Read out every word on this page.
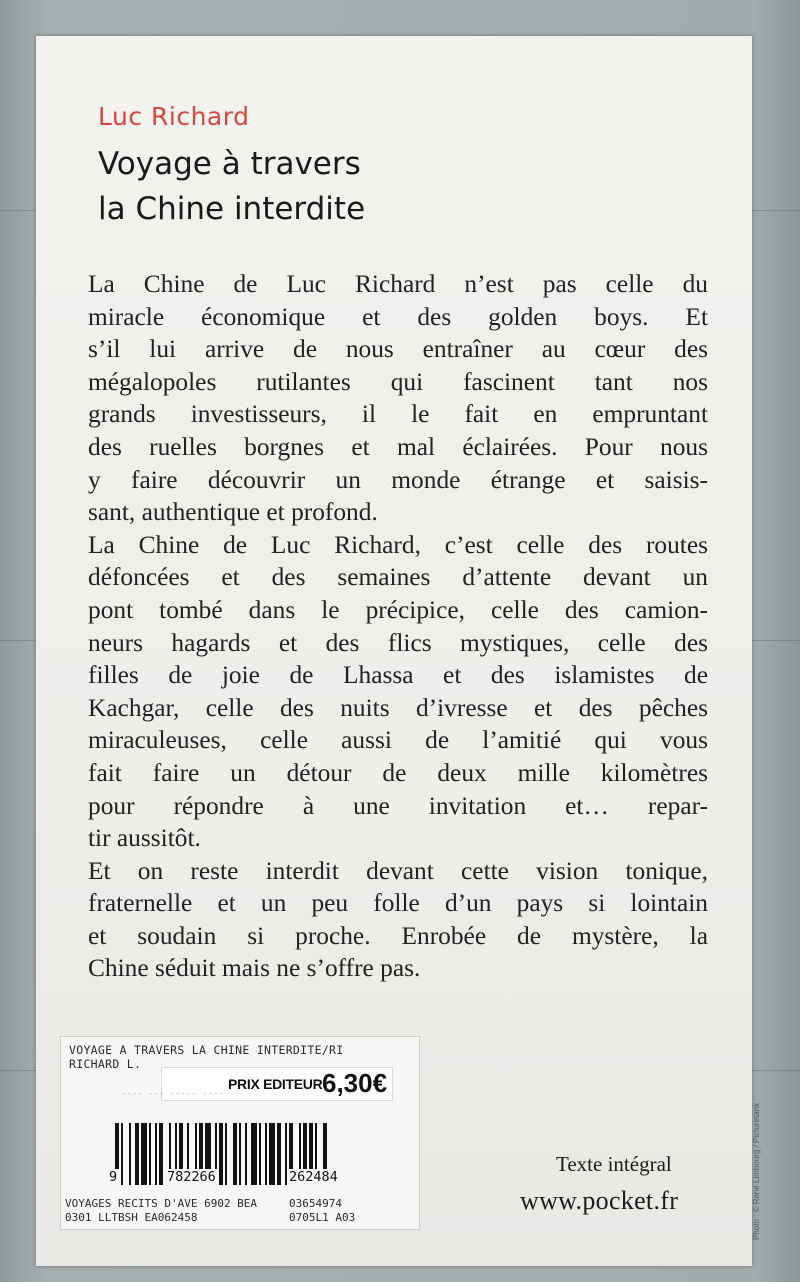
Luc Richard
Voyage à travers
la Chine interdite
La Chine de Luc Richard n’est pas celle du
miracle économique et des golden boys. Et
s’il lui arrive de nous entraîner au cœur des
mégalopoles rutilantes qui fascinent tant nos
grands investisseurs, il le fait en empruntant
des ruelles borgnes et mal éclairées. Pour nous
y faire découvrir un monde étrange et saisis-
sant, authentique et profond.
La Chine de Luc Richard, c’est celle des routes
défoncées et des semaines d’attente devant un
pont tombé dans le précipice, celle des camion-
neurs hagards et des flics mystiques, celle des
filles de joie de Lhassa et des islamistes de
Kachgar, celle des nuits d’ivresse et des pêches
miraculeuses, celle aussi de l’amitié qui vous
fait faire un détour de deux mille kilomètres
pour répondre à une invitation et… repar-
tir aussitôt.
Et on reste interdit devant cette vision tonique,
fraternelle et un peu folle d’un pays si lointain
et soudain si proche. Enrobée de mystère, la
Chine séduit mais ne s’offre pas.
VOYAGE A TRAVERS LA CHINE INTERDITE/RI
RICHARD L.
PRIX EDITEUR 6,30€
---- --- ----- ----
9	782266	262484
VOYAGES RECITS D'AVE 6902 BEA
0301 LLTBSH EA062458
03654974
0705L1 A03

Texte intégral

www.pocket.fr	Photo : © René Limbourg / Picturetank
